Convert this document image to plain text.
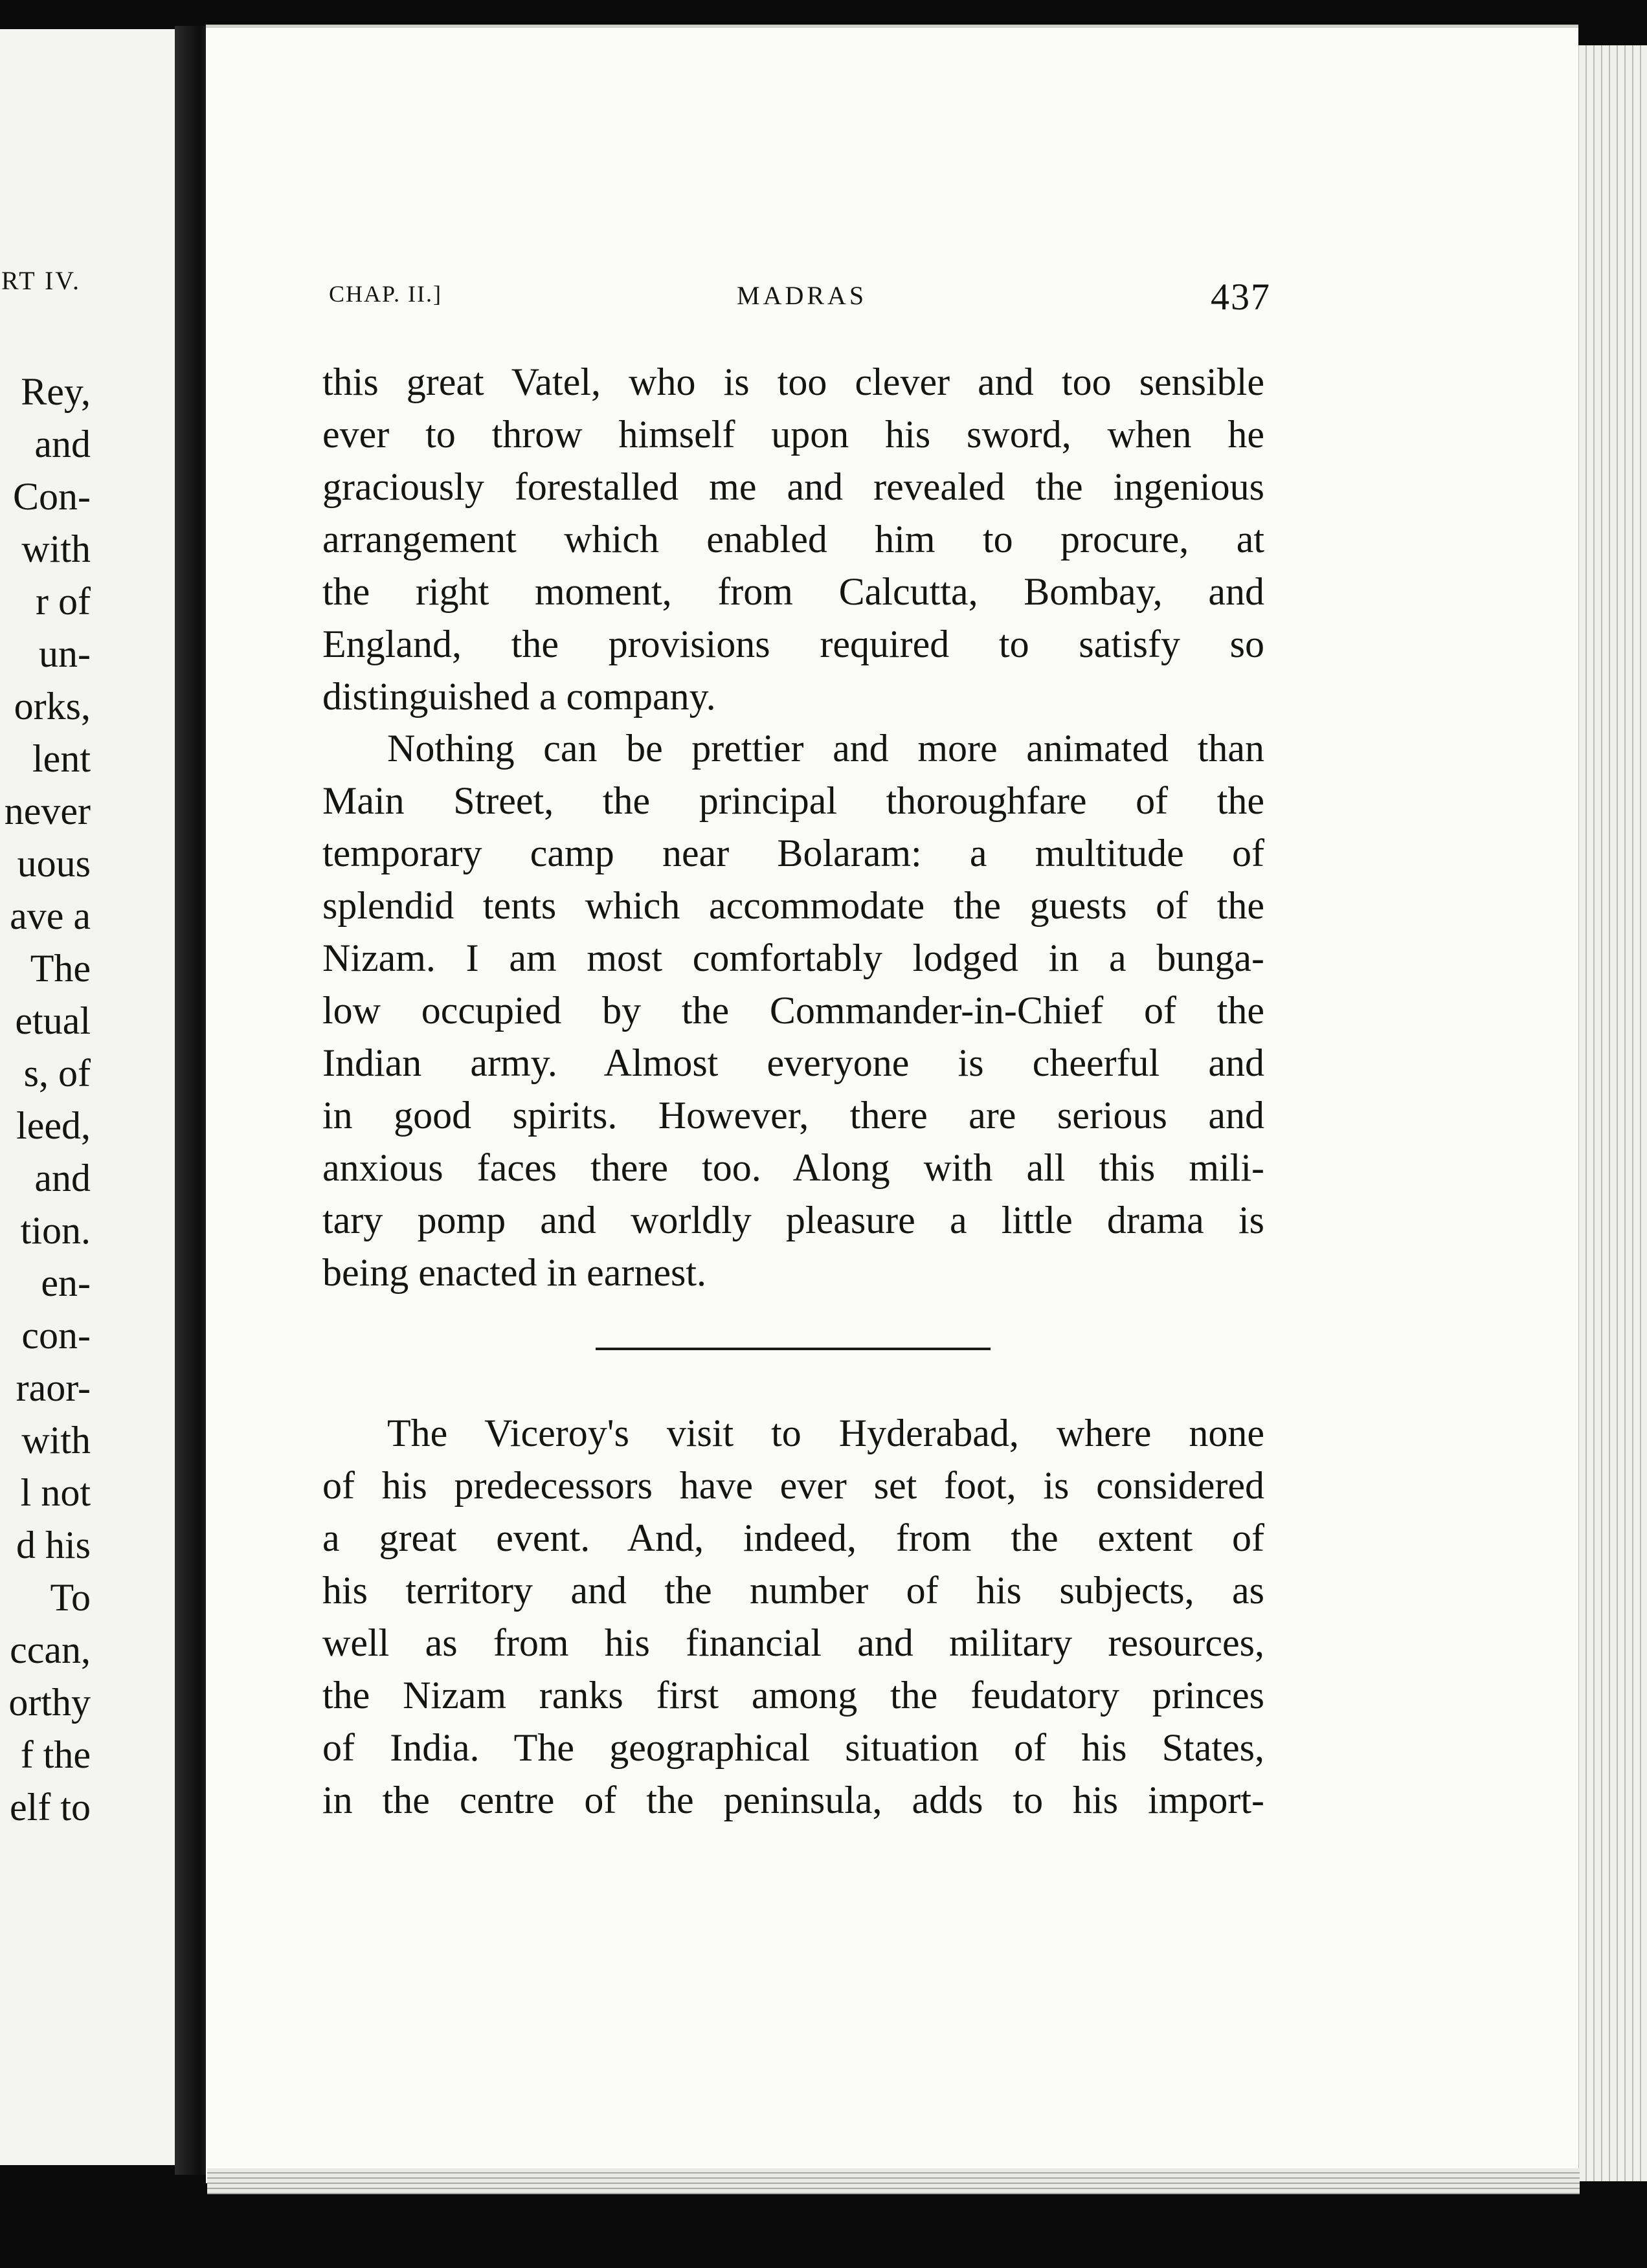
RT IV.
Rey,
and
Con-
with
r of
un-
orks,
lent
never
uous
ave a
The
etual
s, of
leed,
and
tion.
en-
con-
raor-
with
l not
d his
To
ccan,
orthy
f the
elf to
CHAP. II.]	MADRAS	437
this great Vatel, who is too clever and too sensible
ever to throw himself upon his sword, when he
graciously forestalled me and revealed the ingenious
arrangement which enabled him to procure, at
the right moment, from Calcutta, Bombay, and
England, the provisions required to satisfy so
distinguished a company.
Nothing can be prettier and more animated than
Main Street, the principal thoroughfare of the
temporary camp near Bolaram: a multitude of
splendid tents which accommodate the guests of the
Nizam. I am most comfortably lodged in a bunga-
low occupied by the Commander-in-Chief of the
Indian army. Almost everyone is cheerful and
in good spirits. However, there are serious and
anxious faces there too. Along with all this mili-
tary pomp and worldly pleasure a little drama is
being enacted in earnest.
The Viceroy's visit to Hyderabad, where none
of his predecessors have ever set foot, is considered
a great event. And, indeed, from the extent of
his territory and the number of his subjects, as
well as from his financial and military resources,
the Nizam ranks first among the feudatory princes
of India. The geographical situation of his States,
in the centre of the peninsula, adds to his import-
